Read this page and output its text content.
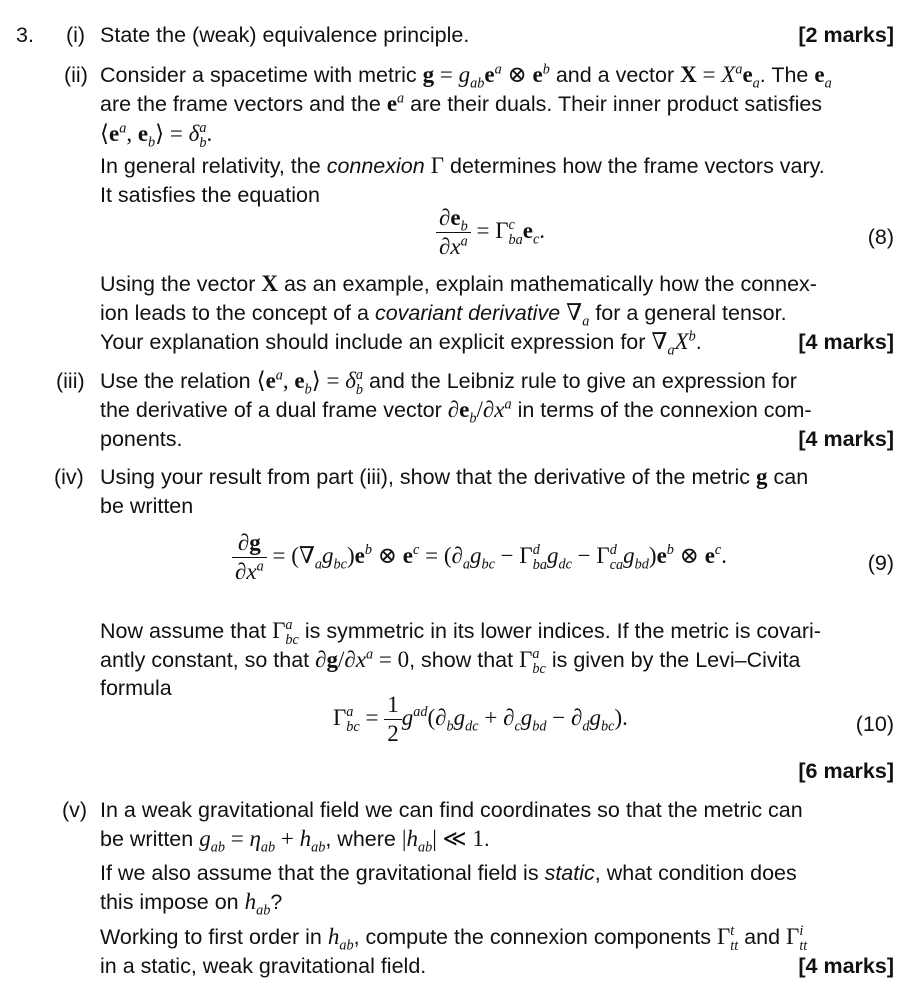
3. (i) State the (weak) equivalence principle.	[2 marks]
(ii) Consider a spacetime with metric $g = g_{ab}e^a$ ⊗ $e^b$ and a vector $X = X^ae_a$. The $e_a$
are the frame vectors and the $e^a$ are their duals. Their inner product satisfies
$⟨e^a$, $e_b⟩ = \delta$ a
b .
In general relativity, the connexion Γ determines how the frame vectors vary.
It satisfies the equation
$\frac{\partial e_b}{\partial x^a} = \Gamma$ c
ba $e_c$.	(8)
Using the vector X as an example, explain mathematically how the connex-
ion leads to the concept of a covariant derivative $\nabla_a$ for a general tensor.
Your explanation should include an explicit expression for $\nabla_aX^b$.	[4 marks]
(iii) Use the relation $⟨e^a$, $e_b⟩ = \delta$ a
b and the Leibniz rule to give an expression for
the derivative of a dual frame vector $\partial e_b/\partial x^a$ in terms of the connexion com-
ponents.	[4 marks]
(iv) Using your result from part (iii), show that the derivative of the metric g can
be written
$\frac{\partial g}{\partial x^a} = (\nabla_ag_{bc})e^b$ ⊗ $e^c = (\partial_ag_{bc} - \Gamma$ d
ba $g_{dc} - \Gamma$ d
ca $g_{bd})e^b$ ⊗ $e^c$.	(9)
Now assume that Γ a
bc is symmetric in its lower indices. If the metric is covari-
antly constant, so that $\partial g/\partial x^a = 0$, show that Γ a
bc is given by the Levi–Civita
formula
Γ a
bc = $\frac{1}{2} g^{ad}(\partial_bg_{dc} + \partial_cg_{bd} - \partial_dg_{bc})$.	(10)
[6 marks]
(v) In a weak gravitational field we can find coordinates so that the metric can
be written $g_{ab} = \eta_{ab} + h_{ab}$, where $|h_{ab}|$ ≪ 1.
If we also assume that the gravitational field is static, what condition does
this impose on $h_{ab}$?
Working to first order in $h_{ab}$, compute the connexion components Γ t
tt and Γ i
tt
in a static, weak gravitational field.	[4 marks]
